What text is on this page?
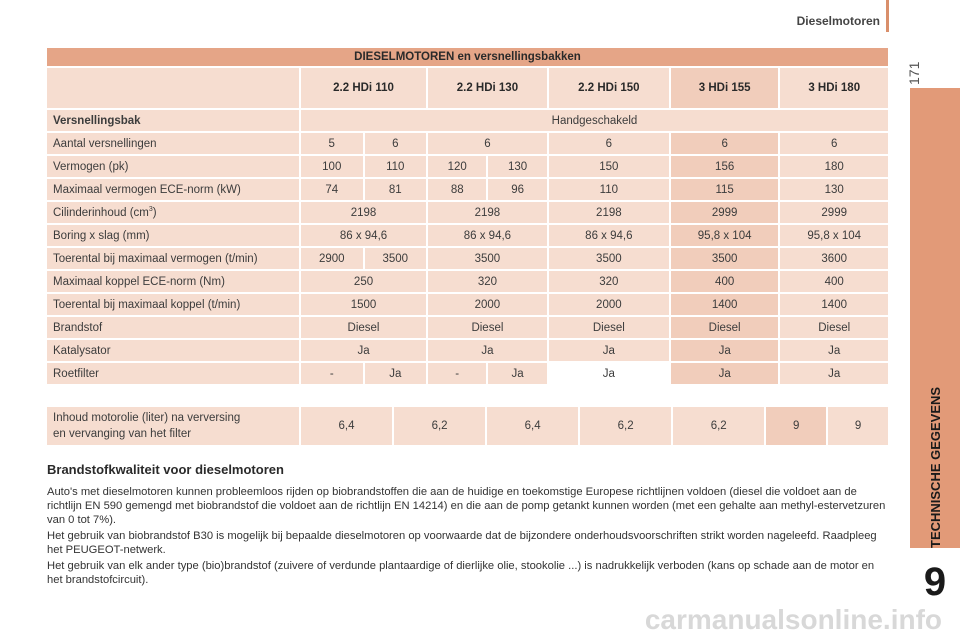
Dieselmotoren
171
TECHNISCHE GEGEVENS
9
DIESELMOTOREN en versnellingsbakken							
	2.2 HDi 110		2.2 HDi 130		2.2 HDi 150	3 HDi 155	3 HDi 180
Versnellingsbak	Handgeschakeld						
Aantal versnellingen	5	6	6		6	6	6
Vermogen (pk)	100	110	120	130	150	156	180
Maximaal vermogen ECE-norm (kW)	74	81	88	96	110	115	130
Cilinderinhoud $(cm^3)$	2198		2198		2198	2999	2999
Boring x slag (mm)	86 x 94,6		86 x 94,6		86 x 94,6	95,8 x 104	95,8 x 104
Toerental bij maximaal vermogen (t/min)	2900	3500	3500		3500	3500	3600
Maximaal koppel ECE-norm (Nm)	250		320		320	400	400
Toerental bij maximaal koppel (t/min)	1500		2000		2000	1400	1400
Brandstof	Diesel		Diesel		Diesel	Diesel	Diesel
Katalysator	Ja		Ja		Ja	Ja	Ja
Roetfilter	-	Ja	-	Ja	Ja	Ja	Ja
Inhoud motorolie (liter) na verversing
en vervanging van het filter	6,4	6,2	6,4	6,2	6,2	9	9
Brandstofkwaliteit voor dieselmotoren

Auto's met dieselmotoren kunnen probleemloos rijden op biobrandstoffen die aan de huidige en toekomstige Europese richtlijnen voldoen (diesel die voldoet aan de richtlijn EN 590 gemengd met biobrandstof die voldoet aan de richtlijn EN 14214) en die aan de pomp getankt kunnen worden (met een gehalte aan methyl-estervetzuren van 0 tot 7%).

Het gebruik van biobrandstof B30 is mogelijk bij bepaalde dieselmotoren op voorwaarde dat de bijzondere onderhoudsvoorschriften strikt worden nageleefd. Raadpleeg het PEUGEOT-netwerk.

Het gebruik van elk ander type (bio)brandstof (zuivere of verdunde plantaardige of dierlijke olie, stookolie ...) is nadrukkelijk verboden (kans op schade aan de motor en het brandstofcircuit).

carmanualsonline.info
